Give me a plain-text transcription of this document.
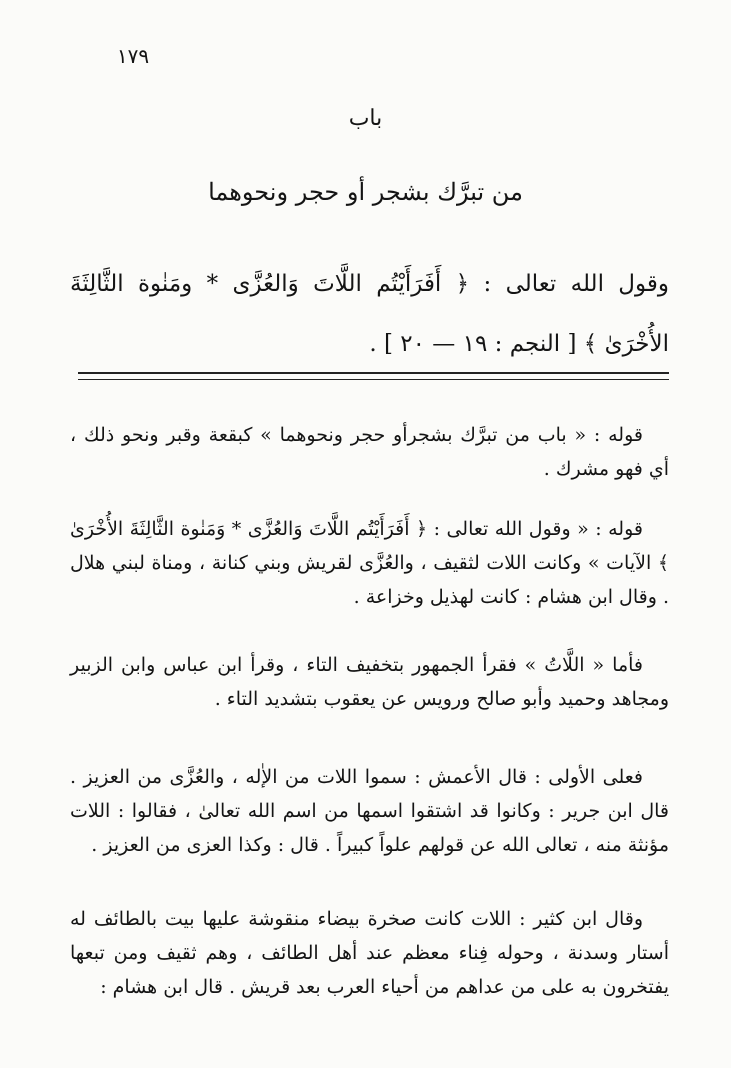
١٧٩
باب
من تبرَّك بشجر أو حجر ونحوهما

وقول الله تعالى : ﴿ أَفَرَأَيْتُم اللَّاتَ وَالعُزَّى * ومَنٰوة الثَّالِثَةَ الأُخْرَىٰ ﴾ [ النجم : ١٩ — ٢٠ ] .

قوله : « باب من تبرَّك بشجرأو حجر ونحوهما » كبقعة وقبر ونحو ذلك ، أي فهو مشرك .

قوله : « وقول الله تعالى : ﴿ أَفَرَأَيْتُم اللَّاتَ وَالعُزَّى * وَمَنٰوة الثَّالِثَةَ الأُخْرَىٰ ﴾ الآيات » وكانت اللات لثقيف ، والعُزَّى لقريش وبني كنانة ، ومناة لبني هلال . وقال ابن هشام : كانت لهذيل وخزاعة .

فأما « اللَّاتُ » فقرأ الجمهور بتخفيف التاء ، وقرأ ابن عباس وابن الزبير ومجاهد وحميد وأبو صالح ورويس عن يعقوب بتشديد التاء .

فعلى الأولى : قال الأعمش : سموا اللات من الإٰله ، والعُزَّى من العزيز . قال ابن جرير : وكانوا قد اشتقوا اسمها من اسم الله تعالىٰ ، فقالوا : اللات مؤنثة منه ، تعالى الله عن قولهم علواً كبيراً . قال : وكذا العزى من العزيز .

وقال ابن كثير : اللات كانت صخرة بيضاء منقوشة عليها بيت بالطائف له أستار وسدنة ، وحوله فِناء معظم عند أهل الطائف ، وهم ثقيف ومن تبعها يفتخرون به على من عداهم من أحياء العرب بعد قريش . قال ابن هشام :
